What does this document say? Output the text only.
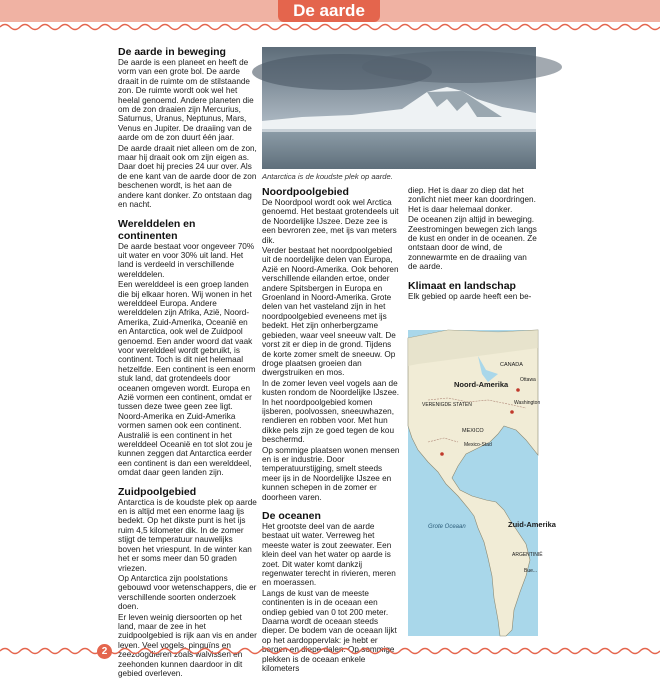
De aarde
De aarde in beweging

De aarde is een planeet en heeft de vorm van een grote bol. De aarde draait in de ruimte om de stilstaande zon. De ruimte wordt ook wel het heelal genoemd. Andere planeten die om de zon draaien zijn Mercurius, Saturnus, Uranus, Neptunus, Mars, Venus en Jupiter. De draaiing van de aarde om de zon duurt één jaar.

De aarde draait niet alleen om de zon, maar hij draait ook om zijn eigen as. Daar doet hij precies 24 uur over. Als de ene kant van de aarde door de zon beschenen wordt, is het aan de andere kant donker. Zo ontstaan dag en nacht.

Werelddelen en continenten

De aarde bestaat voor ongeveer 70% uit water en voor 30% uit land. Het land is verdeeld in verschillende werelddelen.

Een werelddeel is een groep landen die bij elkaar horen. Wij wonen in het werelddeel Europa. Andere werelddelen zijn Afrika, Azië, Noord-Amerika, Zuid-Amerika, Oceanië en en Antarctica, ook wel de Zuidpool genoemd. Een ander woord dat vaak voor werelddeel wordt gebruikt, is continent. Toch is dit niet helemaal hetzelfde. Een continent is een enorm stuk land, dat grotendeels door oceanen omgeven wordt. Europa en Azië vormen een continent, omdat er tussen deze twee geen zee ligt. Noord-Amerika en Zuid-Amerika vormen samen ook een continent. Australië is een continent in het werelddeel Oceanië en tot slot zou je kunnen zeggen dat Antarctica eerder een continent is dan een werelddeel, omdat daar geen landen zijn.

Zuidpoolgebied

Antarctica is de koudste plek op aarde en is altijd met een enorme laag ijs bedekt. Op het dikste punt is het ijs ruim 4,5 kilometer dik. In de zomer stijgt de temperatuur nauwelijks boven het vriespunt. In de winter kan het er soms meer dan 50 graden vriezen.

Op Antarctica zijn poolstations gebouwd voor wetenschappers, die er verschillende soorten onderzoek doen.

Er leven weinig diersoorten op het land, maar de zee in het zuidpoolgebied is rijk aan vis en ander leven. Veel vogels, pinguïns en zeezoogdieren zoals walvissen en zeehonden kunnen daardoor in dit gebied overleven.

Antarctica is de koudste plek op aarde.
Noordpoolgebied

De Noordpool wordt ook wel Arctica genoemd. Het bestaat grotendeels uit de Noordelijke IJszee. Deze zee is een bevroren zee, met ijs van meters dik.

Verder bestaat het noordpoolgebied uit de noordelijke delen van Europa, Azië en Noord-Amerika. Ook behoren verschillende eilanden ertoe, onder andere Spitsbergen in Europa en Groenland in Noord-Amerika. Grote delen van het vasteland zijn in het noordpoolgebied eveneens met ijs bedekt. Het zijn onherbergzame gebieden, waar veel sneeuw valt. De vorst zit er diep in de grond. Tijdens de korte zomer smelt de sneeuw. Op droge plaatsen groeien dan dwergstruiken en mos.

In de zomer leven veel vogels aan de kusten rondom de Noordelijke IJszee. In het noordpoolgebied komen ijsberen, poolvossen, sneeuwhazen, rendieren en robben voor. Met hun dikke pels zijn ze goed tegen de kou beschermd.

Op sommige plaatsen wonen mensen en is er industrie. Door temperatuurstijging, smelt steeds meer ijs in de Noordelijke IJszee en kunnen schepen in de zomer er doorheen varen.

De oceanen

Het grootste deel van de aarde bestaat uit water. Verreweg het meeste water is zout zeewater. Een klein deel van het water op aarde is zoet. Dit water komt dankzij regenwater terecht in rivieren, meren en moerassen.

Langs de kust van de meeste continenten is in de oceaan een ondiep gebied van 0 tot 200 meter. Daarna wordt de oceaan steeds dieper. De bodem van de oceaan lijkt op het aardoppervlak: je hebt er bergen en diepe dalen. Op sommige plekken is de oceaan enkele kilometers

diep. Het is daar zo diep dat het zonlicht niet meer kan doordringen. Het is daar helemaal donker.

De oceanen zijn altijd in beweging. Zeestromingen bewegen zich langs de kust en onder in de oceanen. Ze ontstaan door de wind, de zonnewarmte en de draaiing van de aarde.

Klimaat en landschap

Elk gebied op aarde heeft een be-

CANADA
Noord-Amerika Ottawa
VERENIGDE STATEN	Washington
MEXICO
Mexico-Stad
Grote Oceaan	Zuid-Amerika
ARGENTINIË
Bue...
2
